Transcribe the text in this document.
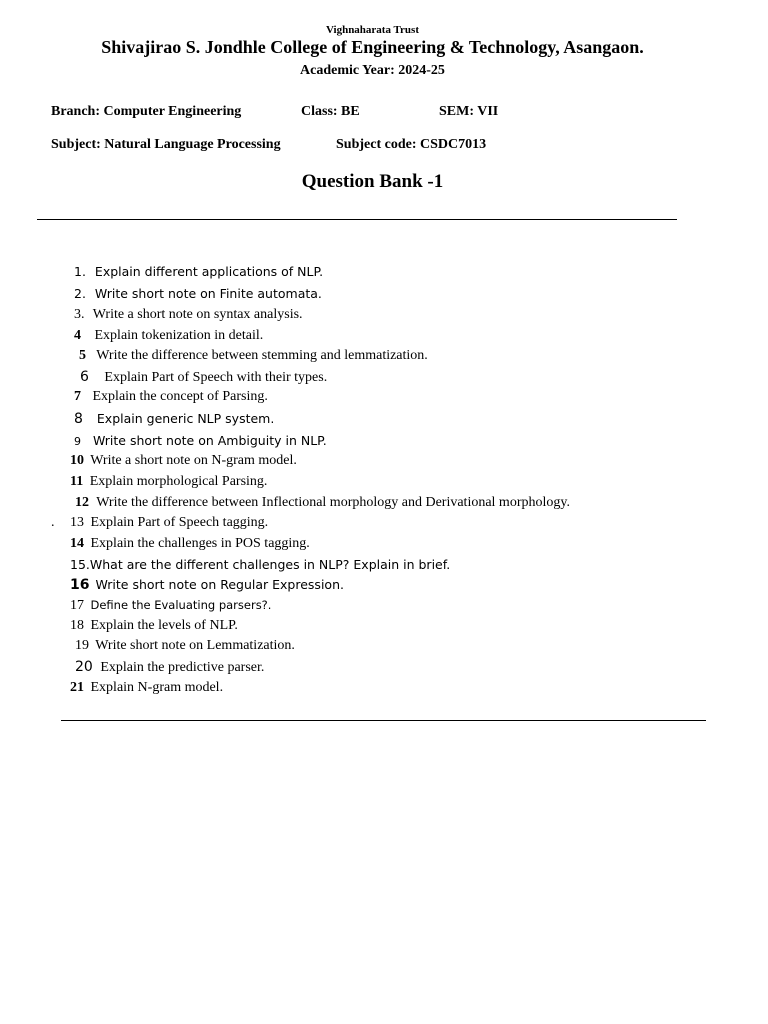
Vighnaharata Trust
Shivajirao S. Jondhle College of Engineering & Technology, Asangaon.
Academic Year: 2024-25
Branch: Computer Engineering	Class: BE	SEM: VII
Subject: Natural Language Processing	Subject code: CSDC7013
Question Bank -1
1. Explain different applications of NLP.
2. Write short note on Finite automata.
3. Write a short note on syntax analysis.
4 Explain tokenization in detail.
5 Write the difference between stemming and lemmatization.
6 Explain Part of Speech with their types.
7 Explain the concept of Parsing.
8 Explain generic NLP system.
9 Write short note on Ambiguity in NLP.
10 Write a short note on N-gram model.
11 Explain morphological Parsing.
12 Write the difference between Inflectional morphology and Derivational morphology.
. 13 Explain Part of Speech tagging.
14 Explain the challenges in POS tagging.
15.What are the different challenges in NLP? Explain in brief.
16 Write short note on Regular Expression.
17 Define the Evaluating parsers?.
18 Explain the levels of NLP.
19 Write short note on Lemmatization.
20 Explain the predictive parser.
21 Explain N-gram model.
